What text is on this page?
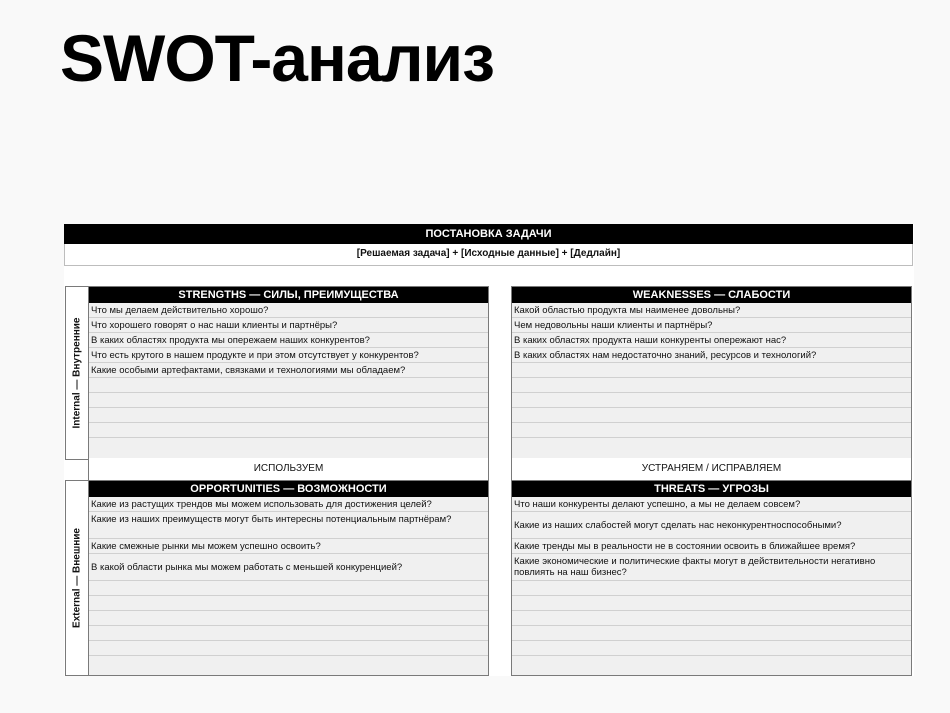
SWOT-анализ
ПОСТАНОВКА ЗАДАЧИ
[Решаемая задача] + [Исходные данные] + [Дедлайн]
Internal — Внутренние
External — Внешние
STRENGTHS — СИЛЫ, ПРЕИМУЩЕСТВА
Что мы делаем действительно хорошо?
Что хорошего говорят о нас наши клиенты и партнёры?
В каких областях продукта мы опережаем наших конкурентов?
Что есть крутого в нашем продукте и при этом отсутствует у конкурентов?
Какие особыми артефактами, связками и технологиями мы обладаем?
WEAKNESSES — СЛАБОСТИ
Какой областью продукта мы наименее довольны?
Чем недовольны наши клиенты и партнёры?
В каких областях продукта наши конкуренты опережают нас?
В каких областях нам недостаточно знаний, ресурсов и технологий?
ИСПОЛЬЗУЕМ	УСТРАНЯЕМ / ИСПРАВЛЯЕМ
OPPORTUNITIES — ВОЗМОЖНОСТИ
Какие из растущих трендов мы можем использовать для достижения целей?
Какие из наших преимуществ могут быть интересны потенциальным партнёрам?
Какие смежные рынки мы можем успешно освоить?
В какой области рынка мы можем работать с меньшей конкуренцией?
THREATS — УГРОЗЫ
Что наши конкуренты делают успешно, а мы не делаем совсем?
Какие из наших слабостей могут сделать нас неконкурентноспособными?
Какие тренды мы в реальности не в состоянии освоить в ближайшее время?
Какие экономические и политические факты могут в действительности негативно повлиять на наш бизнес?
